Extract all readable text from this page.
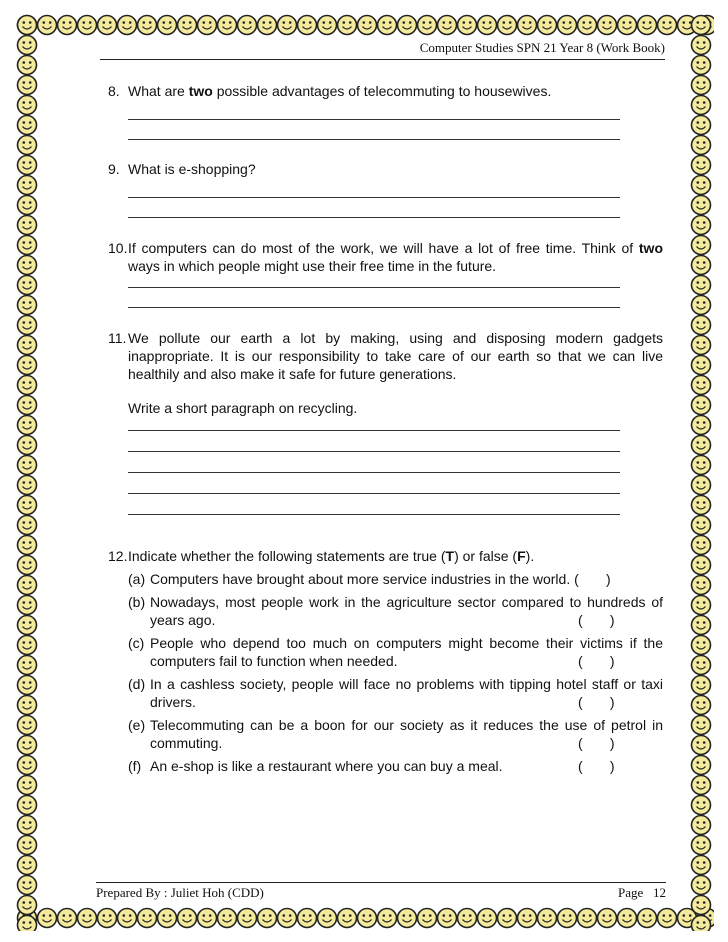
Computer Studies SPN 21 Year 8 (Work Book)
8. What are two possible advantages of telecommuting to housewives.
9. What is e-shopping?
10. If computers can do most of the work, we will have a lot of free time. Think of two ways in which people might use their free time in the future.
11. We pollute our earth a lot by making, using and disposing modern gadgets inappropriate. It is our responsibility to take care of our earth so that we can live healthily and also make it safe for future generations.
Write a short paragraph on recycling.
12. Indicate whether the following statements are true (T) or false (F).
(a) Computers have brought about more service industries in the world. (       )
(b) Nowadays, most people work in the agriculture sector compared to hundreds of years ago.	(       )
(c) People who depend too much on computers might become their victims if the computers fail to function when needed.	(       )
(d) In a cashless society, people will face no problems with tipping hotel staff or taxi drivers.	(       )
(e) Telecommuting can be a boon for our society as it reduces the use of petrol in commuting.	(       )
(f) An e-shop is like a restaurant where you can buy a meal.	(       )
Prepared By : Juliet Hoh (CDD)	Page 12
